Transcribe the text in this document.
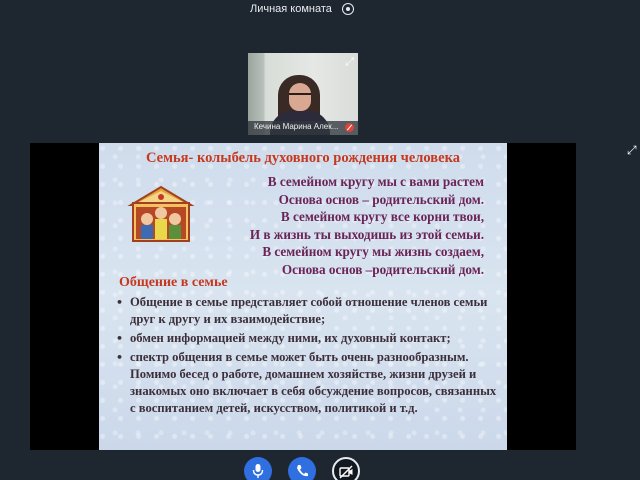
Личная комната
⤢
Кечина Марина Алек...
Семья- колыбель духовного рождения человека
В семейном кругу мы с вами растем
Основа основ – родительский дом.
В семейном кругу все корни твои,
И в жизнь ты выходишь из этой семьи.
В семейном кругу мы жизнь создаем,
Основа основ –родительский дом.
Общение в семье
• Общение в семье представляет собой отношение членов семьи друг к другу и их взаимодействие;
• обмен информацией между ними, их духовный контакт;
• спектр общения в семье может быть очень разнообразным. Помимо бесед о работе, домашнем хозяйстве, жизни друзей и знакомых оно включает в себя обсуждение вопросов, связанных с воспитанием детей, искусством, политикой и т.д.
⤢
